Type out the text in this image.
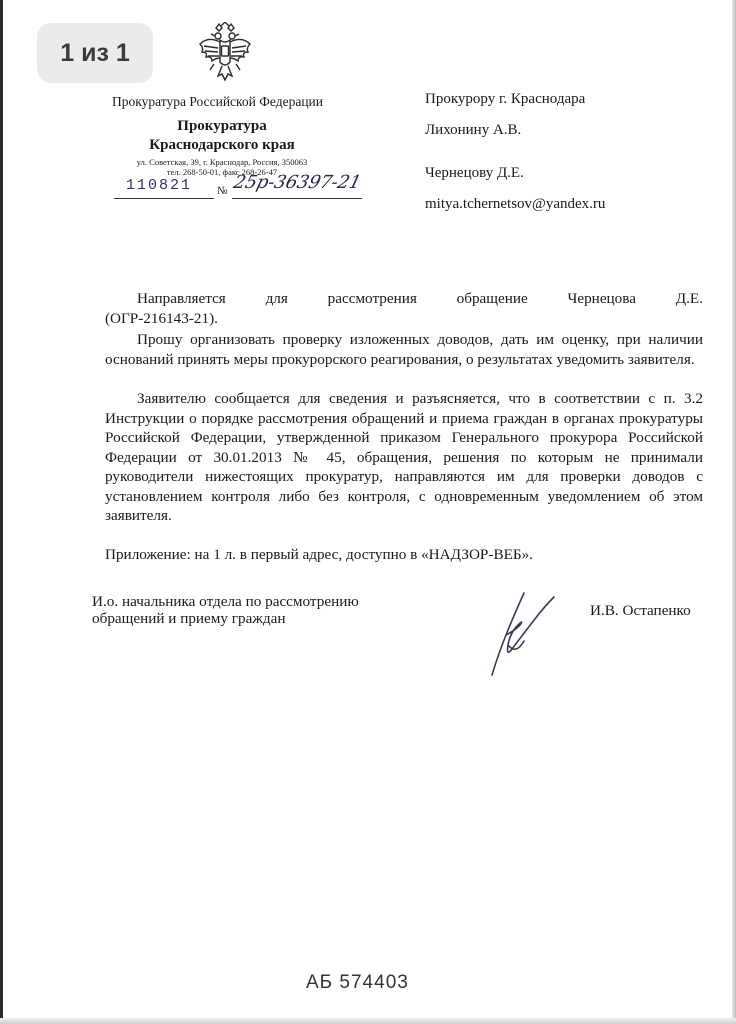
1 из 1
Прокуратура Российской Федерации
Прокуратура
Краснодарского края
ул. Советская, 39, г. Краснодар, Россия, 350063
тел. 268-50-01, факс 268-26-47
110821 № 25р-36397-21
Прокурору г. Краснодара
Лихонину А.В.
Чернецову Д.Е.
mitya.tchernetsov@yandex.ru
Направляется для рассмотрения обращение Чернецова Д.Е.
(ОГР-216143-21).
Прошу организовать проверку изложенных доводов, дать им оценку, при наличии оснований принять меры прокурорского реагирования, о результатах уведомить заявителя.
Заявителю сообщается для сведения и разъясняется, что в соответствии с п. 3.2 Инструкции о порядке рассмотрения обращений и приема граждан в органах прокуратуры Российской Федерации, утвержденной приказом Генерального прокурора Российской Федерации от 30.01.2013 № 45, обращения, решения по которым не принимали руководители нижестоящих прокуратур, направляются им для проверки доводов с установлением контроля либо без контроля, с одновременным уведомлением об этом заявителя.
Приложение: на 1 л. в первый адрес, доступно в «НАДЗОР-ВЕБ».
И.о. начальника отдела по рассмотрению
обращений и приему граждан	И.В. Остапенко
АБ 574403
